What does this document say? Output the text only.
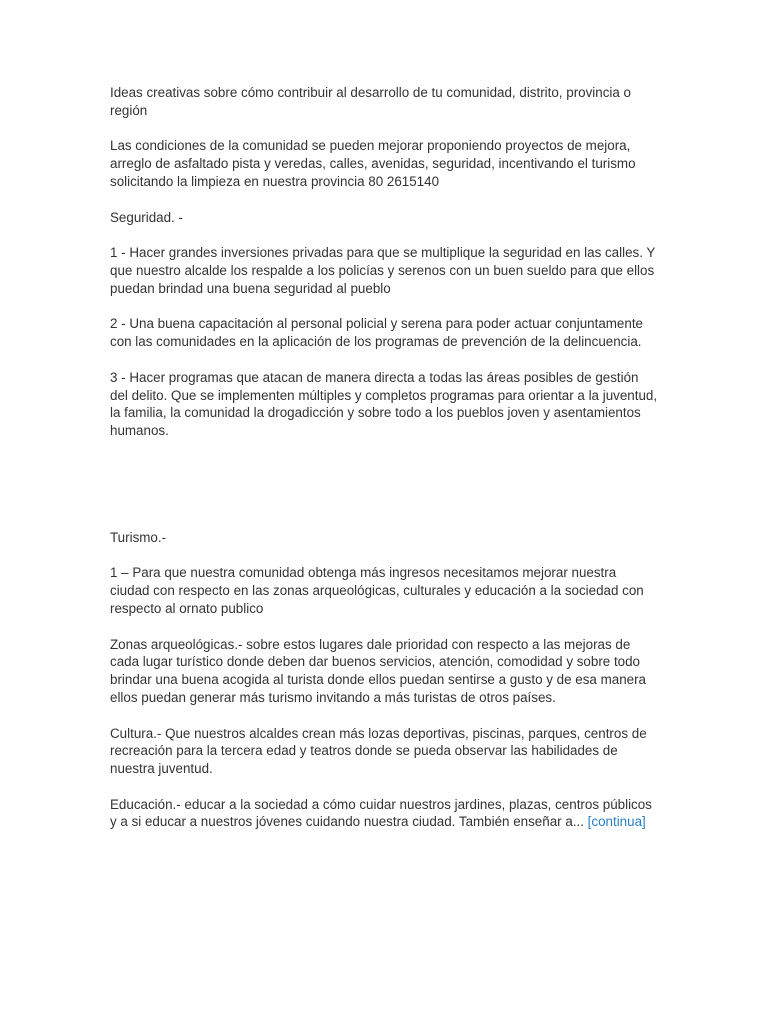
Ideas creativas sobre cómo contribuir al desarrollo de tu comunidad, distrito, provincia o región

Las condiciones de la comunidad se pueden mejorar proponiendo proyectos de mejora, arreglo de asfaltado pista y veredas, calles, avenidas, seguridad, incentivando el turismo solicitando la limpieza en nuestra provincia 80 2615140

Seguridad. -

1 - Hacer grandes inversiones privadas para que se multiplique la seguridad en las calles. Y que nuestro alcalde los respalde a los policías y serenos con un buen sueldo para que ellos puedan brindad una buena seguridad al pueblo

2 - Una buena capacitación al personal policial y serena para poder actuar conjuntamente con las comunidades en la aplicación de los programas de prevención de la delincuencia.

3 - Hacer programas que atacan de manera directa a todas las áreas posibles de gestión del delito. Que se implementen múltiples y completos programas para orientar a la juventud, la familia, la comunidad la drogadicción y sobre todo a los pueblos joven y asentamientos humanos.

Turismo.-

1 – Para que nuestra comunidad obtenga más ingresos necesitamos mejorar nuestra ciudad con respecto en las zonas arqueológicas, culturales y educación a la sociedad con respecto al ornato publico

Zonas arqueológicas.- sobre estos lugares dale prioridad con respecto a las mejoras de cada lugar turístico donde deben dar buenos servicios, atención, comodidad y sobre todo brindar una buena acogida al turista donde ellos puedan sentirse a gusto y de esa manera ellos puedan generar más turismo invitando a más turistas de otros países.

Cultura.- Que nuestros alcaldes crean más lozas deportivas, piscinas, parques, centros de recreación para la tercera edad y teatros donde se pueda observar las habilidades de nuestra juventud.

Educación.- educar a la sociedad a cómo cuidar nuestros jardines, plazas, centros públicos y a si educar a nuestros jóvenes cuidando nuestra ciudad. También enseñar a... [continua]
